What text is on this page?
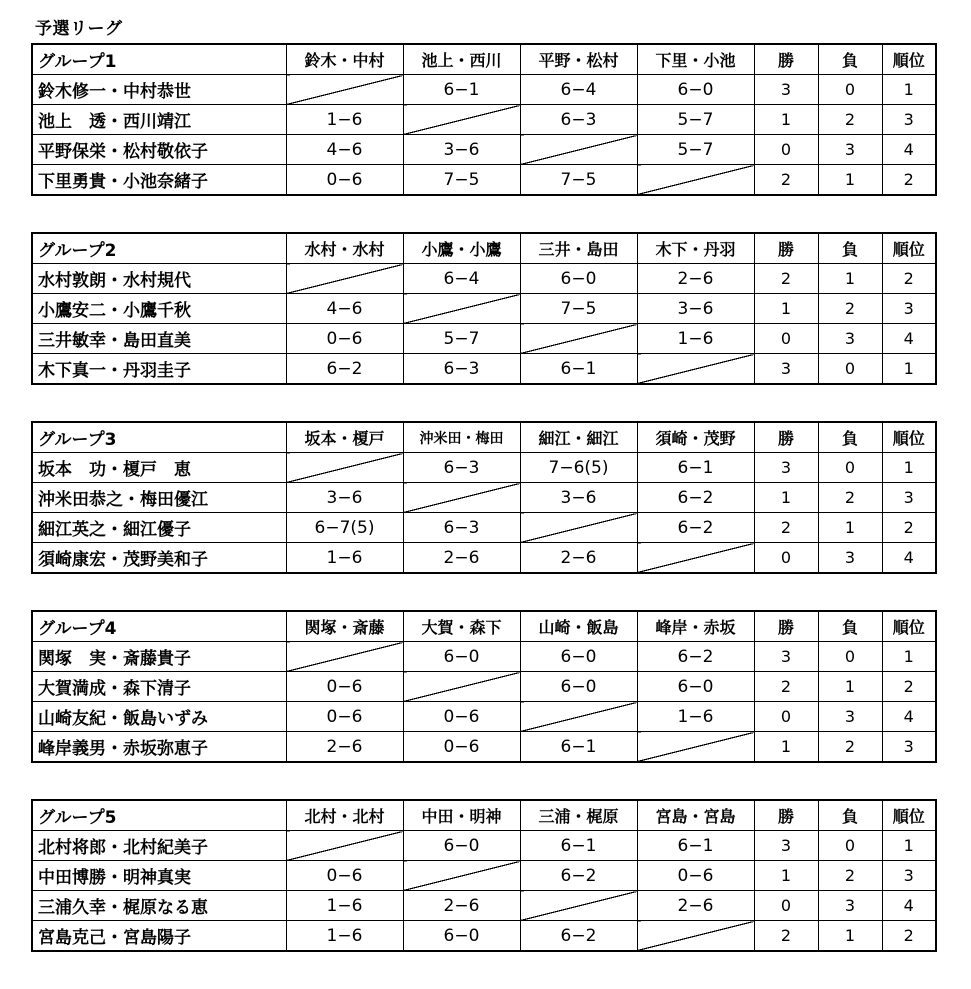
予選リーグ
グループ1	鈴木・中村	池上・西川	平野・松村	下里・小池	勝	負	順位
鈴木修一・中村恭世		6−1	6−4	6−0	3	0	1
池上　透・西川靖江	1−6		6−3	5−7	1	2	3
平野保栄・松村敬依子	4−6	3−6		5−7	0	3	4
下里勇貴・小池奈緒子	0−6	7−5	7−5		2	1	2
グループ2	水村・水村	小鷹・小鷹	三井・島田	木下・丹羽	勝	負	順位
水村敦朗・水村規代		6−4	6−0	2−6	2	1	2
小鷹安二・小鷹千秋	4−6		7−5	3−6	1	2	3
三井敏幸・島田直美	0−6	5−7		1−6	0	3	4
木下真一・丹羽圭子	6−2	6−3	6−1		3	0	1
グループ3	坂本・榎戸	沖米田・梅田	細江・細江	須崎・茂野	勝	負	順位
坂本　功・榎戸　恵		6−3	7−6(5)	6−1	3	0	1
沖米田恭之・梅田優江	3−6		3−6	6−2	1	2	3
細江英之・細江優子	6−7(5)	6−3		6−2	2	1	2
須崎康宏・茂野美和子	1−6	2−6	2−6		0	3	4
グループ4	関塚・斎藤	大賀・森下	山崎・飯島	峰岸・赤坂	勝	負	順位
関塚　実・斎藤貴子		6−0	6−0	6−2	3	0	1
大賀満成・森下清子	0−6		6−0	6−0	2	1	2
山崎友紀・飯島いずみ	0−6	0−6		1−6	0	3	4
峰岸義男・赤坂弥恵子	2−6	0−6	6−1		1	2	3
グループ5	北村・北村	中田・明神	三浦・梶原	宮島・宮島	勝	負	順位
北村将郎・北村紀美子		6−0	6−1	6−1	3	0	1
中田博勝・明神真実	0−6		6−2	0−6	1	2	3
三浦久幸・梶原なる恵	1−6	2−6		2−6	0	3	4
宮島克己・宮島陽子	1−6	6−0	6−2		2	1	2
